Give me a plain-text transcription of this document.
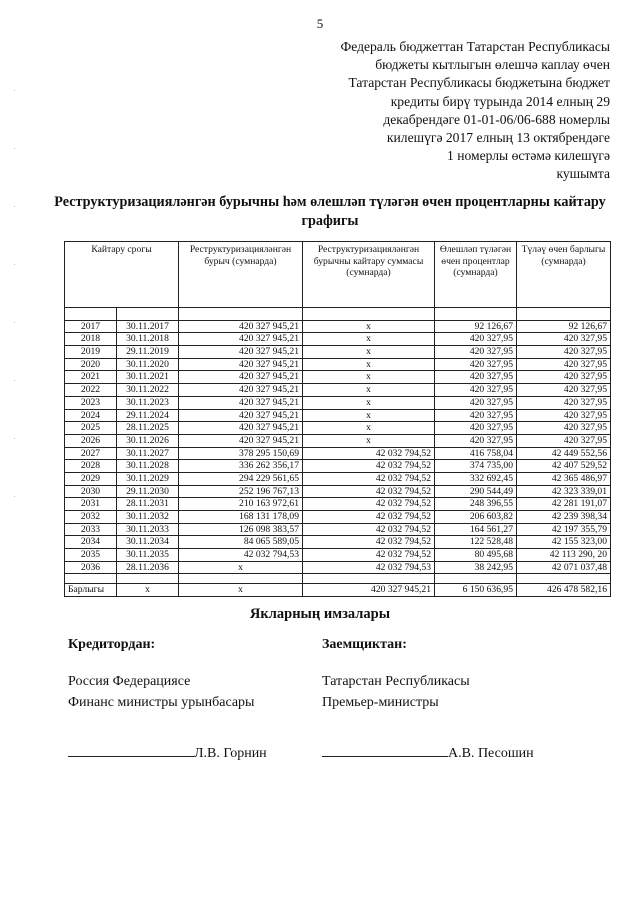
5
Федераль бюджеттан Татарстан Республикасы
бюджеты кытлыгын өлешчә каплау өчен
Татарстан Республикасы бюджетына бюджет
кредиты бирү турында 2014 елның 29
декабрендәге 01-01-06/06-688 номерлы
килешүгә 2017 елның 13 октябрендәге
1 номерлы өстәмә килешүгә
кушымта
Реструктуризацияләнгән бурычны һәм өлешләп түләгән өчен процентларны кайтару
графигы
Кайтару срогы		Реструктуризацияләнгән бурыч (сумнарда)	Реструктуризацияләнгән бурычны кайтару суммасы (сумнарда)	Өлешләп түләгән өчен процентлар (сумнарда)	Түләү өчен барлыгы (сумнарда)

2017	30.11.2017	420 327 945,21	x	92 126,67	92 126,67
2018	30.11.2018	420 327 945,21	x	420 327,95	420 327,95
2019	29.11.2019	420 327 945,21	x	420 327,95	420 327,95
2020	30.11.2020	420 327 945,21	x	420 327,95	420 327,95
2021	30.11.2021	420 327 945,21	x	420 327,95	420 327,95
2022	30.11.2022	420 327 945,21	x	420 327,95	420 327,95
2023	30.11.2023	420 327 945,21	x	420 327,95	420 327,95
2024	29.11.2024	420 327 945,21	x	420 327,95	420 327,95
2025	28.11.2025	420 327 945,21	x	420 327,95	420 327,95
2026	30.11.2026	420 327 945,21	x	420 327,95	420 327,95
2027	30.11.2027	378 295 150,69	42 032 794,52	416 758,04	42 449 552,56
2028	30.11.2028	336 262 356,17	42 032 794,52	374 735,00	42 407 529,52
2029	30.11.2029	294 229 561,65	42 032 794,52	332 692,45	42 365 486,97
2030	29.11.2030	252 196 767,13	42 032 794,52	290 544,49	42 323 339,01
2031	28.11.2031	210 163 972,61	42 032 794,52	248 396,55	42 281 191,07
2032	30.11.2032	168 131 178,09	42 032 794,52	206 603,82	42 239 398,34
2033	30.11.2033	126 098 383,57	42 032 794,52	164 561,27	42 197 355,79
2034	30.11.2034	84 065 589,05	42 032 794,52	122 528,48	42 155 323,00
2035	30.11.2035	42 032 794,53	42 032 794,52	80 495,68	42 113 290, 20
2036	28.11.2036	x	42 032 794,53	38 242,95	42 071 037,48

Барлыгы	x	x	420 327 945,21	6 150 636,95	426 478 582,16
Якларның имзалары
Кредитордан:
Россия Федерациясе
Финанс министры урынбасары
Заемщиктан:
Татарстан Республикасы
Премьер-министры
Л.В. Горнин	А.В. Песошин
